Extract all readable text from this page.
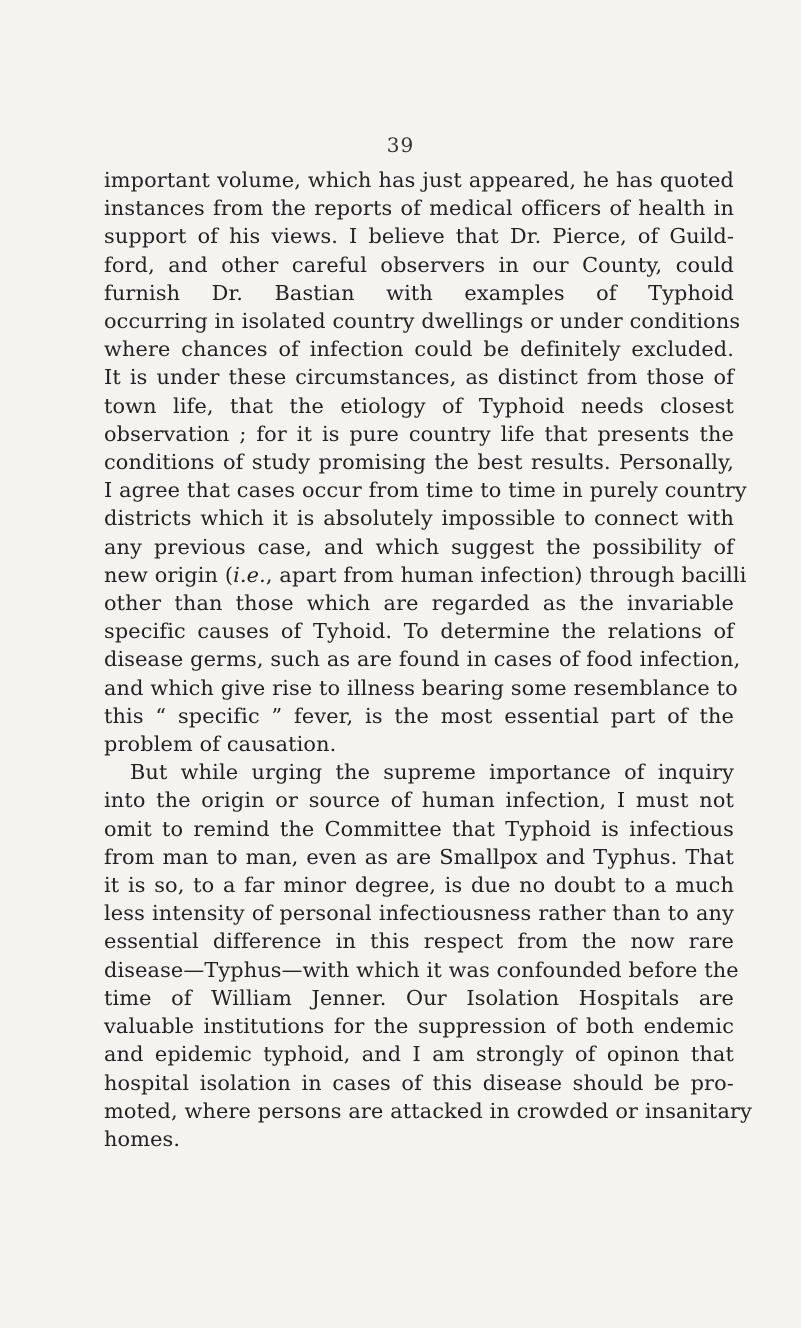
39

important volume, which has just appeared, he has quoted
instances from the reports of medical officers of health in
support of his views. I believe that Dr. Pierce, of Guild-
ford, and other careful observers in our County, could
furnish Dr. Bastian with examples of Typhoid
occurring in isolated country dwellings or under conditions
where chances of infection could be definitely excluded.
It is under these circumstances, as distinct from those of
town life, that the etiology of Typhoid needs closest
observation ; for it is pure country life that presents the
conditions of study promising the best results. Personally,
I agree that cases occur from time to time in purely country
districts which it is absolutely impossible to connect with
any previous case, and which suggest the possibility of
new origin (i.e., apart from human infection) through bacilli
other than those which are regarded as the invariable
specific causes of Tyhoid. To determine the relations of
disease germs, such as are found in cases of food infection,
and which give rise to illness bearing some resemblance to
this “ specific ” fever, is the most essential part of the
problem of causation.

But while urging the supreme importance of inquiry
into the origin or source of human infection, I must not
omit to remind the Committee that Typhoid is infectious
from man to man, even as are Smallpox and Typhus. That
it is so, to a far minor degree, is due no doubt to a much
less intensity of personal infectiousness rather than to any
essential difference in this respect from the now rare
disease—Typhus—with which it was confounded before the
time of William Jenner. Our Isolation Hospitals are
valuable institutions for the suppression of both endemic
and epidemic typhoid, and I am strongly of opinon that
hospital isolation in cases of this disease should be pro-
moted, where persons are attacked in crowded or insanitary
homes.
